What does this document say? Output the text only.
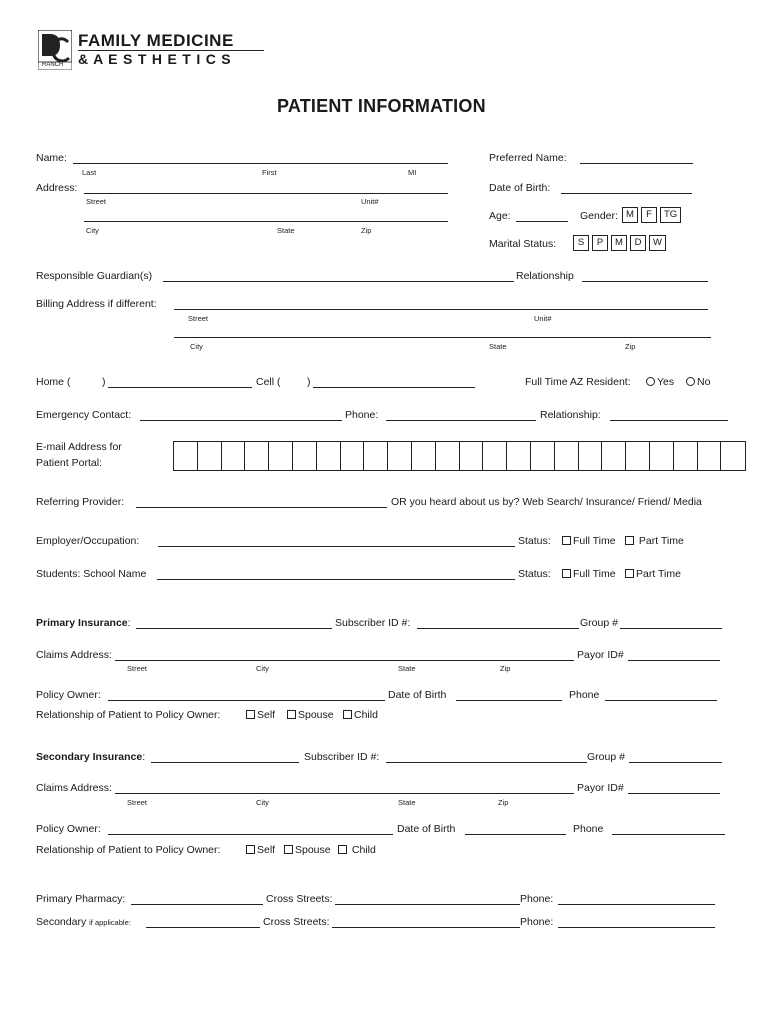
RANCH
FAMILY MEDICINE
& A E S T H E T I C S
PATIENT INFORMATION
Name:
Last	First	MI
Preferred Name:
Address:
Street	Unit#
City	State	Zip
Date of Birth:
Age:	Gender: M F TG
Marital Status:	S P M D W
Responsible Guardian(s)	Relationship
Billing Address if different:
Street	Unit#
City	State	Zip
Home (	)	Cell (	)	Full Time AZ Resident:	Yes	No
Emergency Contact:	Phone:	Relationship:
E-mail Address for
Patient Portal:
Referring Provider:	OR you heard about us by? Web Search/ Insurance/ Friend/ Media
Employer/Occupation:	Status:	Full Time	Part Time
Students: School Name	Status:	Full Time	Part Time
Primary Insurance:	Subscriber ID #:	Group #
Claims Address:	Payor ID#
Street	City	State	Zip
Policy Owner:	Date of Birth	Phone
Relationship of Patient to Policy Owner:	Self	Spouse	Child
Secondary Insurance:	Subscriber ID #:	Group #
Claims Address:	Payor ID#
Street	City	State	Zip
Policy Owner:	Date of Birth	Phone
Relationship of Patient to Policy Owner:	Self	Spouse	Child
Primary Pharmacy:	Cross Streets:	Phone:
Secondary if applicable:	Cross Streets:	Phone:
